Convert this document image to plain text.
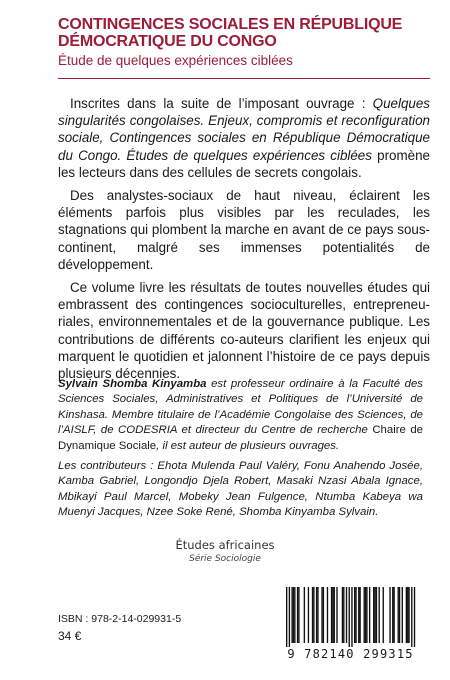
CONTINGENCES SOCIALES EN RÉPUBLIQUE
DÉMOCRATIQUE DU CONGO
Étude de quelques expériences ciblées

Inscrites dans la suite de l’imposant ouvrage : Quelques singularités congolaises. Enjeux, compromis et reconfiguration sociale, Contingences sociales en République Démocratique du Congo. Études de quelques expériences ciblées promène les lecteurs dans des cellules de secrets congolais.

Des analystes-sociaux de haut niveau, éclairent les éléments parfois plus visibles par les reculades, les stagnations qui plombent la marche en avant de ce pays sous-continent, malgré ses immenses potentialités de développement.

Ce volume livre les résultats de toutes nouvelles études qui embrassent des contingences socioculturelles, entrepreneuriales, environnementales et de la gouvernance publique. Les contributions de différents co-auteurs clarifient les enjeux qui marquent le quotidien et jalonnent l’histoire de ce pays depuis plusieurs décennies.

Sylvain Shomba Kinyamba est professeur ordinaire à la Faculté des Sciences Sociales, Administratives et Politiques de l’Université de Kinshasa. Membre titulaire de l’Académie Congolaise des Sciences, de l’AISLF, de CODESRIA et directeur du Centre de recherche Chaire de Dynamique Sociale, il est auteur de plusieurs ouvrages.

Les contributeurs : Ehota Mulenda Paul Valéry, Fonu Anahendo Josée, Kamba Gabriel, Longondjo Djela Robert, Masaki Nzasi Abala Ignace, Mbikayi Paul Marcel, Mobeky Jean Fulgence, Ntumba Kabeya wa Muenyi Jacques, Nzee Soke René, Shomba Kinyamba Sylvain.

Études africaines
Série Sociologie
ISBN : 978-2-14-029931-5
34 €
9 782140 299315
